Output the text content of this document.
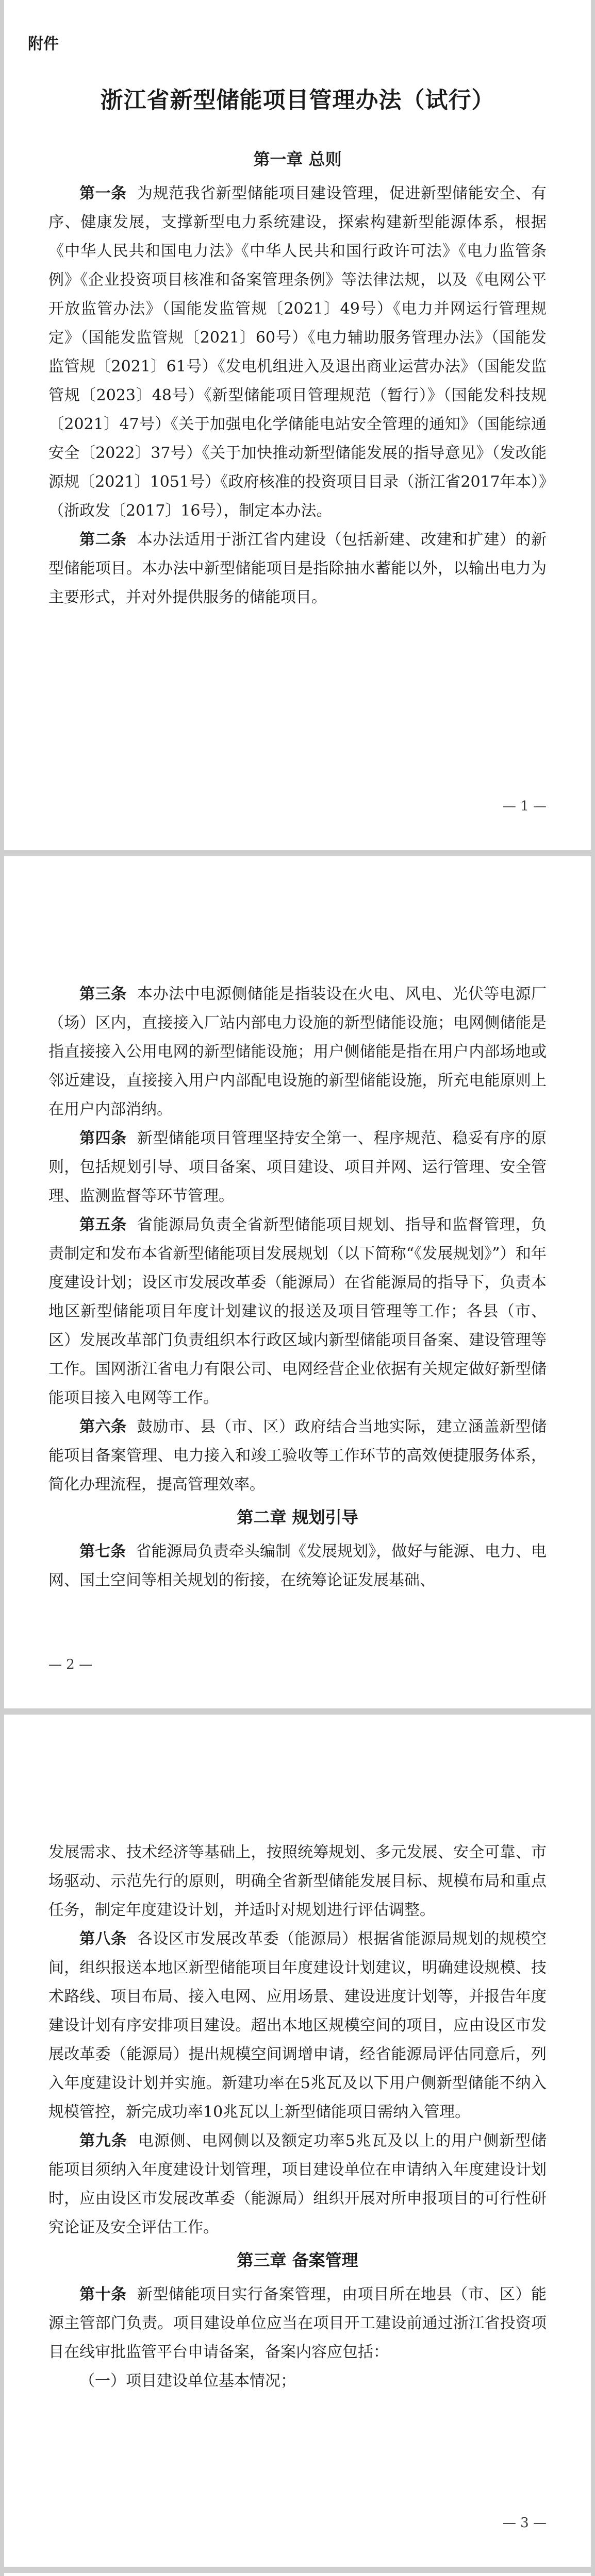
附件
浙江省新型储能项目管理办法（试行）
第一章 总则

第一条 为规范我省新型储能项目建设管理，促进新型储能安全、有序、健康发展，支撑新型电力系统建设，探索构建新型能源体系，根据《中华人民共和国电力法》《中华人民共和国行政许可法》《电力监管条例》《企业投资项目核准和备案管理条例》等法律法规，以及《电网公平开放监管办法》（国能发监管规〔2021〕49号）《电力并网运行管理规定》（国能发监管规〔2021〕60号）《电力辅助服务管理办法》（国能发监管规〔2021〕61号）《发电机组进入及退出商业运营办法》（国能发监管规〔2023〕48号）《新型储能项目管理规范（暂行）》（国能发科技规〔2021〕47号）《关于加强电化学储能电站安全管理的通知》（国能综通安全〔2022〕37号）《关于加快推动新型储能发展的指导意见》（发改能源规〔2021〕1051号）《政府核准的投资项目目录（浙江省2017年本）》（浙政发〔2017〕16号），制定本办法。

第二条 本办法适用于浙江省内建设（包括新建、改建和扩建）的新型储能项目。本办法中新型储能项目是指除抽水蓄能以外，以输出电力为主要形式，并对外提供服务的储能项目。

— 1 —

第三条 本办法中电源侧储能是指装设在火电、风电、光伏等电源厂（场）区内，直接接入厂站内部电力设施的新型储能设施；电网侧储能是指直接接入公用电网的新型储能设施；用户侧储能是指在用户内部场地或邻近建设，直接接入用户内部配电设施的新型储能设施，所充电能原则上在用户内部消纳。

第四条 新型储能项目管理坚持安全第一、程序规范、稳妥有序的原则，包括规划引导、项目备案、项目建设、项目并网、运行管理、安全管理、监测监督等环节管理。

第五条 省能源局负责全省新型储能项目规划、指导和监督管理，负责制定和发布本省新型储能项目发展规划（以下简称“《发展规划》”）和年度建设计划；设区市发展改革委（能源局）在省能源局的指导下，负责本地区新型储能项目年度计划建议的报送及项目管理等工作；各县（市、区）发展改革部门负责组织本行政区域内新型储能项目备案、建设管理等工作。国网浙江省电力有限公司、电网经营企业依据有关规定做好新型储能项目接入电网等工作。

第六条 鼓励市、县（市、区）政府结合当地实际，建立涵盖新型储能项目备案管理、电力接入和竣工验收等工作环节的高效便捷服务体系，简化办理流程，提高管理效率。

第二章 规划引导

第七条 省能源局负责牵头编制《发展规划》，做好与能源、电力、电网、国土空间等相关规划的衔接，在统筹论证发展基础、

— 2 —

发展需求、技术经济等基础上，按照统筹规划、多元发展、安全可靠、市场驱动、示范先行的原则，明确全省新型储能发展目标、规模布局和重点任务，制定年度建设计划，并适时对规划进行评估调整。

第八条 各设区市发展改革委（能源局）根据省能源局规划的规模空间，组织报送本地区新型储能项目年度建设计划建议，明确建设规模、技术路线、项目布局、接入电网、应用场景、建设进度计划等，并报告年度建设计划有序安排项目建设。超出本地区规模空间的项目，应由设区市发展改革委（能源局）提出规模空间调增申请，经省能源局评估同意后，列入年度建设计划并实施。新建功率在5兆瓦及以下用户侧新型储能不纳入规模管控，新完成功率10兆瓦以上新型储能项目需纳入管理。

第九条 电源侧、电网侧以及额定功率5兆瓦及以上的用户侧新型储能项目须纳入年度建设计划管理，项目建设单位在申请纳入年度建设计划时，应由设区市发展改革委（能源局）组织开展对所申报项目的可行性研究论证及安全评估工作。

第三章 备案管理

第十条 新型储能项目实行备案管理，由项目所在地县（市、区）能源主管部门负责。项目建设单位应当在项目开工建设前通过浙江省投资项目在线审批监管平台申请备案，备案内容应包括：

（一）项目建设单位基本情况；

— 3 —
